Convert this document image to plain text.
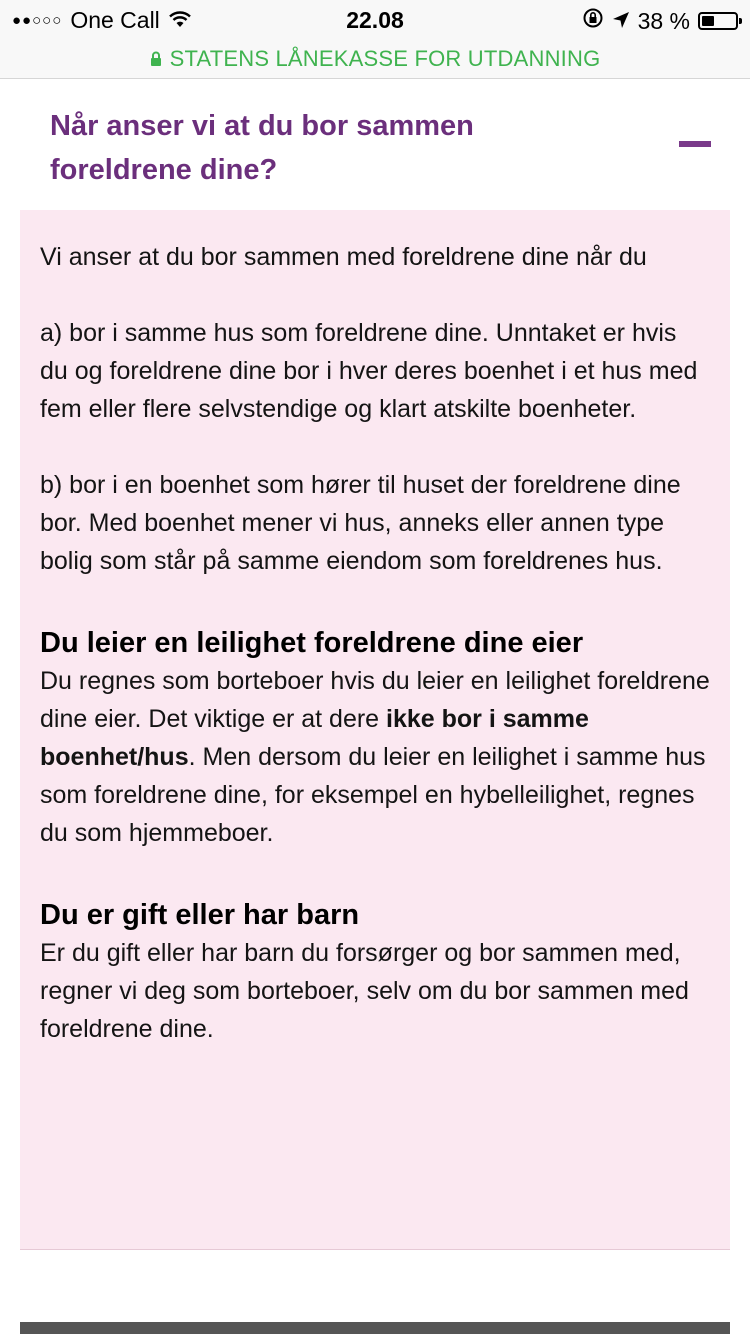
●●○○○ One Call	22.08	38 %
STATENS LÅNEKASSE FOR UTDANNING
Når anser vi at du bor sammen foreldrene dine?

Vi anser at du bor sammen med foreldrene dine når du

a) bor i samme hus som foreldrene dine. Unntaket er hvis du og foreldrene dine bor i hver deres boenhet i et hus med fem eller flere selvstendige og klart atskilte boenheter.

b) bor i en boenhet som hører til huset der foreldrene dine bor. Med boenhet mener vi hus, anneks eller annen type bolig som står på samme eiendom som foreldrenes hus.

Du leier en leilighet foreldrene dine eier

Du regnes som borteboer hvis du leier en leilighet foreldrene dine eier. Det viktige er at dere ikke bor i samme boenhet/hus. Men dersom du leier en leilighet i samme hus som foreldrene dine, for eksempel en hybelleilighet, regnes du som hjemmeboer.

Du er gift eller har barn

Er du gift eller har barn du forsørger og bor sammen med, regner vi deg som borteboer, selv om du bor sammen med foreldrene dine.
